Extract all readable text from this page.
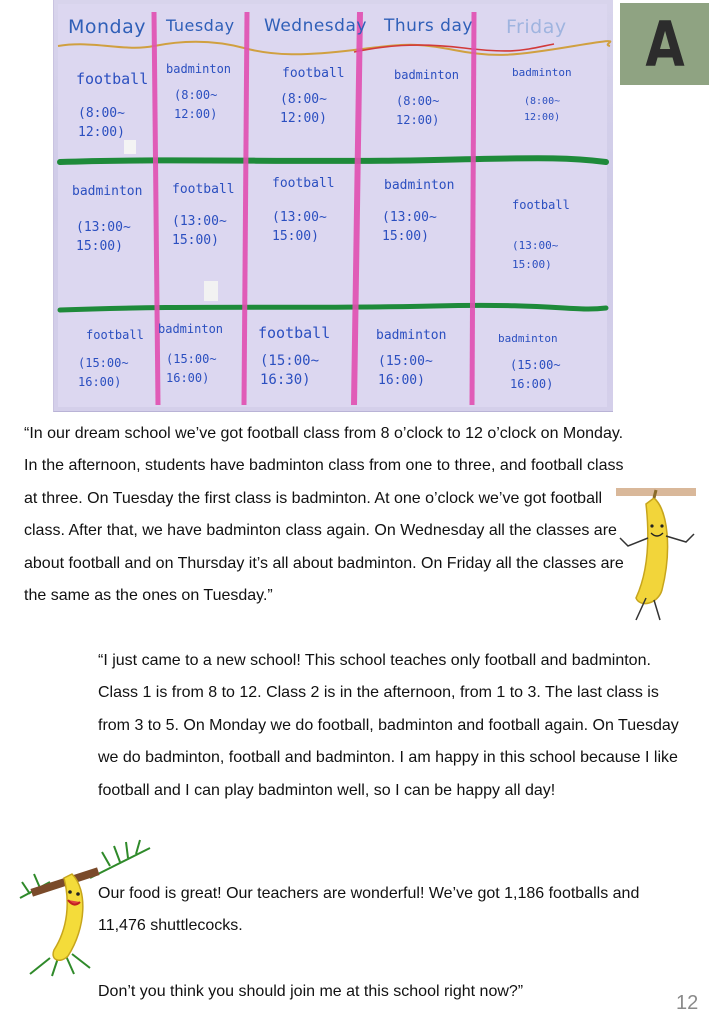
Monday Tuesday Wednesday Thurs day Friday
football
(8:00~
12:00)
badminton
(8:00~
12:00)
football
(8:00~
12:00)
badminton
(8:00~
12:00)
badminton
(8:00~
12:00)
badminton
(13:00~
15:00)
football
(13:00~
15:00)
football
(13:00~
15:00)
badminton
(13:00~
15:00)
football
(13:00~
15:00)
football
(15:00~
16:00)
badminton
(15:00~
16:00)
football
(15:00~
16:30)
badminton
(15:00~
16:00)
badminton
(15:00~
16:00)
A

“In our dream school we’ve got football class from 8 o’clock to 12 o’clock on Monday. In the afternoon, students have badminton class from one to three, and football class at three. On Tuesday the first class is badminton. At one o’clock we’ve got football class. After that, we have badminton class again. On Wednesday all the classes are about football and on Thursday it’s all about badminton. On Friday all the classes are the same as the ones on Tuesday.”

“I just came to a new school! This school teaches only football and badminton. Class 1 is from 8 to 12. Class 2 is in the afternoon, from 1 to 3. The last class is from 3 to 5. On Monday we do football, badminton and football again. On Tuesday we do badminton, football and badminton. I am happy in this school because I like football and I can play badminton well, so I can be happy all day!

Our food is great! Our teachers are wonderful! We’ve got 1,186 footballs and 11,476 shuttlecocks.

Don’t you think you should join me at this school right now?”

12
